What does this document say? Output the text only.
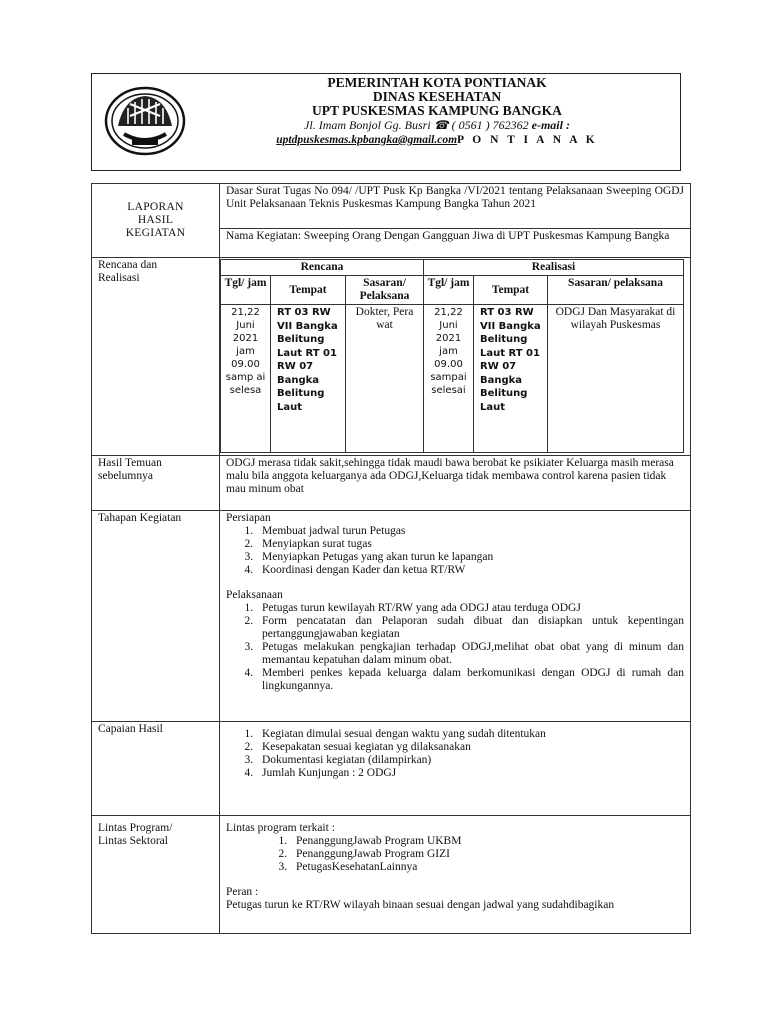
PEMERINTAH KOTA PONTIANAK
DINAS KESEHATAN
UPT PUSKESMAS KAMPUNG BANGKA
Jl. Imam Bonjol Gg. Busri ☎ ( 0561 ) 762362 e-mail :
uptdpuskesmas.kpbangka@gmail.comP O N T I A N A K
LAPORAN HASIL KEGIATAN
	Dasar Surat Tugas No 094/ /UPT Pusk Kp Bangka /VI/2021 tentang Pelaksanaan Sweeping OGDJ Unit Pelaksanaan Teknis Puskesmas Kampung Bangka Tahun 2021
Nama Kegiatan: Sweeping Orang Dengan Gangguan Jiwa di UPT Puskesmas Kampung Bangka

Rencana dan Realisasi

Rencana	Realisasi
Tgl/ jam	Tempat	Sasaran/ Pelaksana	Tgl/ jam	Tempat	Sasaran/ pelaksana
21,22 Juni 2021 jam 09.00 samp ai selesa	RT 03 RW VII Bangka Belitung Laut RT 01 RW 07 Bangka Belitung Laut	Dokter, Pera wat	21,22 Juni 2021 jam 09.00 sampai selesai	RT 03 RW VII Bangka Belitung Laut RT 01 RW 07 Bangka Belitung Laut	ODGJ Dan Masyarakat di wilayah Puskesmas

Hasil Temuan sebelumnya
	ODGJ merasa tidak sakit,sehingga tidak maudi bawa berobat ke psikiater Keluarga masih merasa malu bila anggota keluarganya ada ODGJ,Keluarga tidak membawa control karena pasien tidak mau minum obat
Tahapan Kegiatan	Persiapan
1. Membuat jadwal turun Petugas
2. Menyiapkan surat tugas
3. Menyiapkan Petugas yang akan turun ke lapangan
4. Koordinasi dengan Kader dan ketua RT/RW
Pelaksanaan
1. Petugas turun kewilayah RT/RW yang ada ODGJ atau terduga ODGJ
2. Form pencatatan dan Pelaporan sudah dibuat dan disiapkan untuk kepentingan pertanggungjawaban kegiatan
3. Petugas melakukan pengkajian terhadap ODGJ,melihat obat obat yang di minum dan memantau kepatuhan dalam minum obat.
4. Memberi penkes kepada keluarga dalam berkomunikasi dengan ODGJ di rumah dan lingkungannya.

Capaian Hasil	
1.Kegiatan dimulai sesuai dengan waktu yang sudah ditentukan
2. Kesepakatan sesuai kegiatan yg dilaksanakan
3. Dokumentasi kegiatan (dilampirkan)
4. Jumlah Kunjungan : 2 ODGJ

Lintas Program/ Lintas Sektoral

Lintas program terkait :
1. PenanggungJawab Program UKBM
2. PenanggungJawab Program GIZI
3. PetugasKesehatanLainnya
Peran :
Petugas turun ke RT/RW wilayah binaan sesuai dengan jadwal yang sudahdibagikan
